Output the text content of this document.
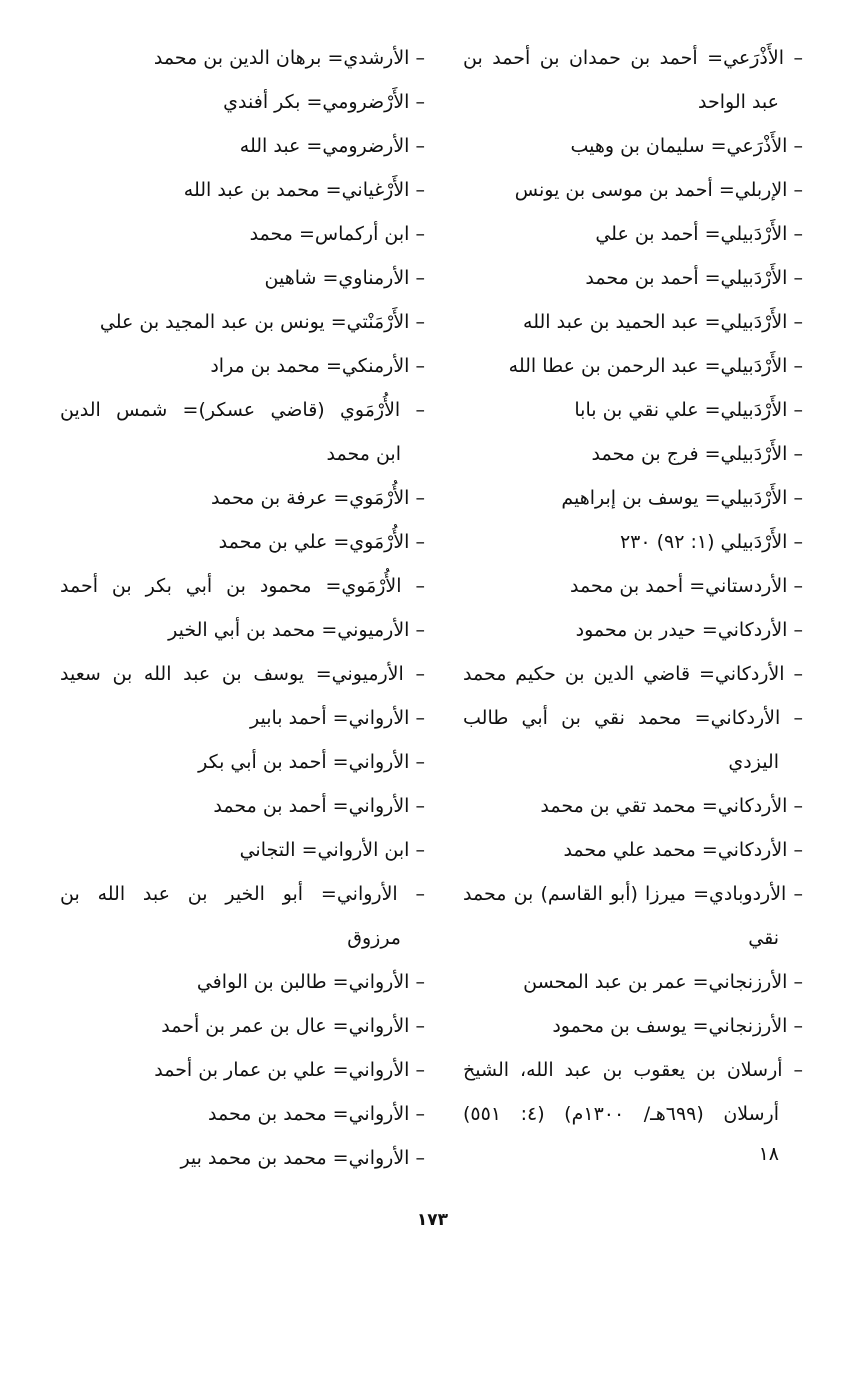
– الأَذْرَعي= أحمد بن حمدان بن أحمد بن
عبد الواحد
– الأَذْرَعي= سليمان بن وهيب
– الإربلي= أحمد بن موسى بن يونس
– الأَرْدَبيلي= أحمد بن علي
– الأَرْدَبيلي= أحمد بن محمد
– الأَرْدَبيلي= عبد الحميد بن عبد الله
– الأَرْدَبيلي= عبد الرحمن بن عطا الله
– الأَرْدَبيلي= علي نقي بن بابا
– الأَرْدَبيلي= فرج بن محمد
– الأَرْدَبيلي= يوسف بن إبراهيم
– الأَرْدَبيلي (١: ٩٢) ٢٣٠
– الأردستاني= أحمد بن محمد
– الأردكاني= حيدر بن محمود
– الأردكاني= قاضي الدين بن حكيم محمد
– الأردكاني= محمد نقي بن أبي طالب
اليزدي
– الأردكاني= محمد تقي بن محمد
– الأردكاني= محمد علي محمد
– الأردوبادي= ميرزا (أبو القاسم) بن محمد
نقي
– الأرزنجاني= عمر بن عبد المحسن
– الأرزنجاني= يوسف بن محمود
– أرسلان بن يعقوب بن عبد الله، الشيخ
أرسلان (٦٩٩هـ/ ١٣٠٠م) (٤: ٥٥١)
١٨
– الأرشدي= برهان الدين بن محمد
– الأَرْضرومي= بكر أفندي
– الأرضرومي= عبد الله
– الأَرْغياني= محمد بن عبد الله
– ابن أركماس= محمد
– الأرمناوي= شاهين
– الأَرْمَنْتي= يونس بن عبد المجيد بن علي
– الأرمنكي= محمد بن مراد
– الأُرْمَوي (قاضي عسكر)= شمس الدين
ابن محمد
– الأُرْمَوي= عرفة بن محمد
– الأُرْمَوي= علي بن محمد
– الأُرْمَوي= محمود بن أبي بكر بن أحمد
– الأرميوني= محمد بن أبي الخير
– الأرميوني= يوسف بن عبد الله بن سعيد
– الأرواني= أحمد بابير
– الأرواني= أحمد بن أبي بكر
– الأرواني= أحمد بن محمد
– ابن الأرواني= التجاني
– الأرواني= أبو الخير بن عبد الله بن
مرزوق
– الأرواني= طالبن بن الوافي
– الأرواني= عال بن عمر بن أحمد
– الأرواني= علي بن عمار بن أحمد
– الأرواني= محمد بن محمد
– الأرواني= محمد بن محمد بير
١٧٣
